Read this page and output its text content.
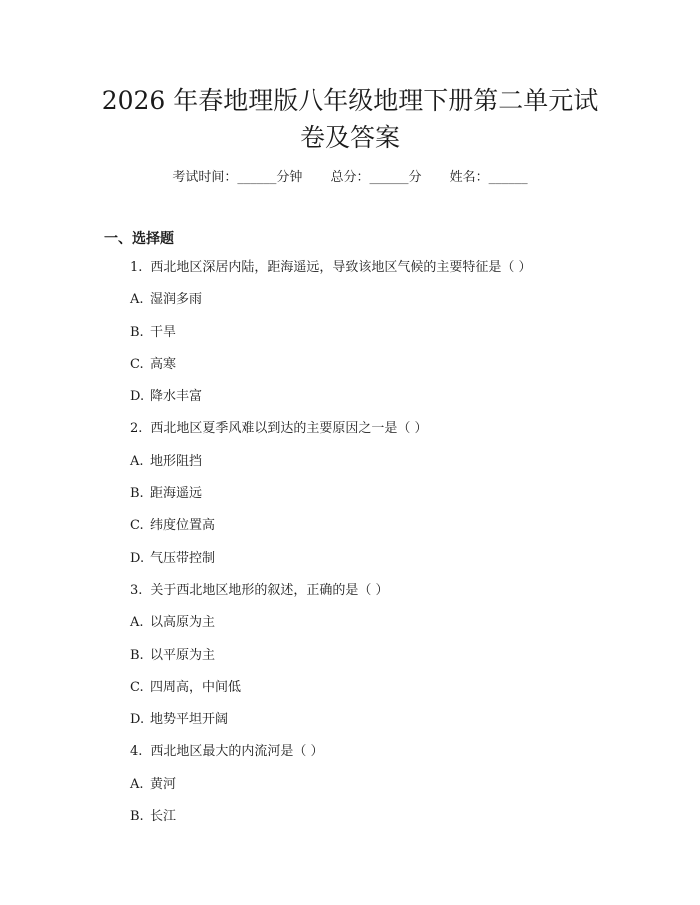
2026 年春地理版八年级地理下册第二单元试
卷及答案
考试时间：______分钟 总分：______分 姓名：______
一、选择题
1. 西北地区深居内陆，距海遥远，导致该地区气候的主要特征是（ ）
A. 湿润多雨
B. 干旱
C. 高寒
D. 降水丰富
2. 西北地区夏季风难以到达的主要原因之一是（ ）
A. 地形阻挡
B. 距海遥远
C. 纬度位置高
D. 气压带控制
3. 关于西北地区地形的叙述，正确的是（ ）
A. 以高原为主
B. 以平原为主
C. 四周高，中间低
D. 地势平坦开阔
4. 西北地区最大的内流河是（ ）
A. 黄河
B. 长江
